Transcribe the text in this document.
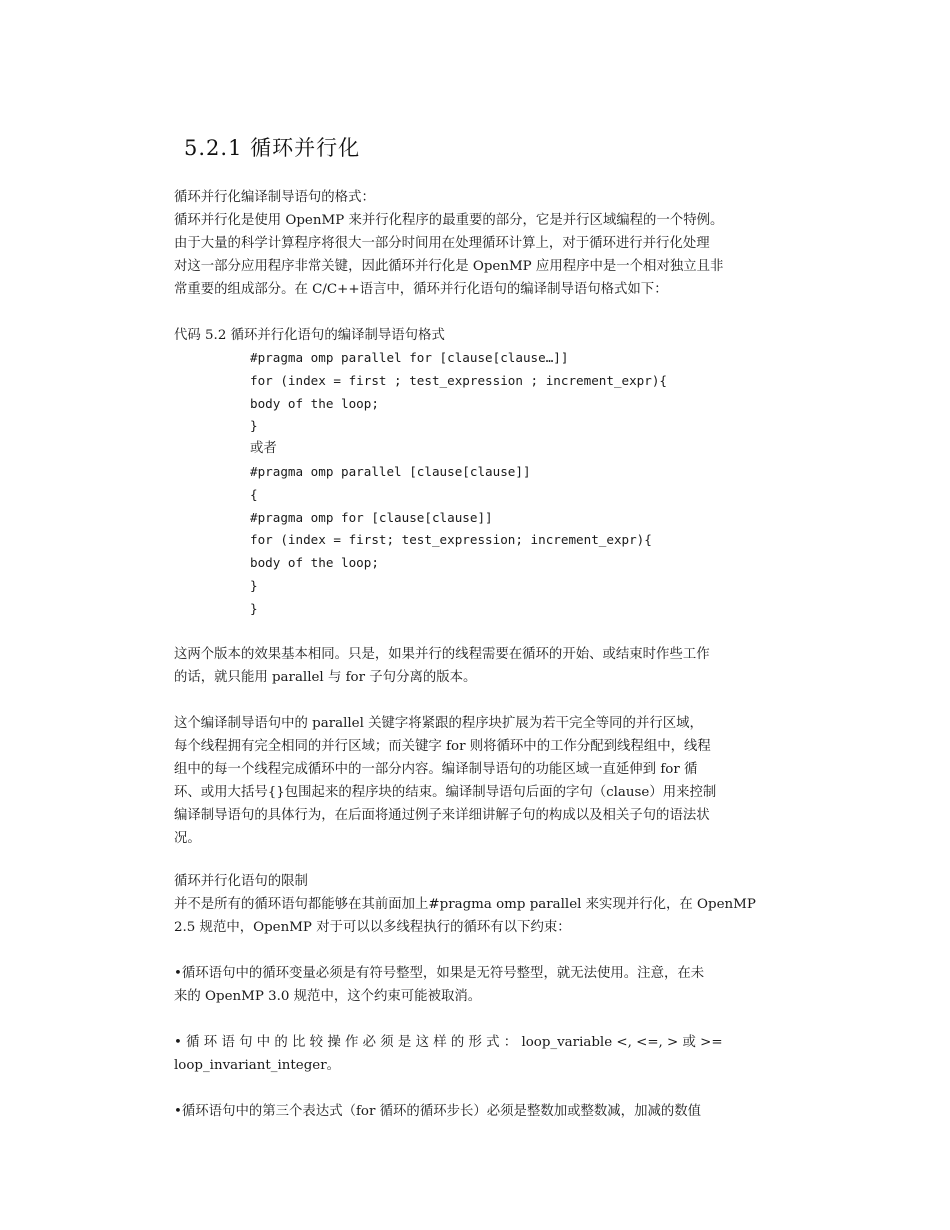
5.2.1 循环并行化
循环并行化编译制导语句的格式：
循环并行化是使用 OpenMP 来并行化程序的最重要的部分，它是并行区域编程的一个特例。
由于大量的科学计算程序将很大一部分时间用在处理循环计算上，对于循环进行并行化处理
对这一部分应用程序非常关键，因此循环并行化是 OpenMP 应用程序中是一个相对独立且非
常重要的组成部分。在 C/C++语言中，循环并行化语句的编译制导语句格式如下：
代码 5.2 循环并行化语句的编译制导语句格式
#pragma omp parallel for [clause[clause…]]
for (index = first ; test_expression ; increment_expr){
body of the loop;
}
或者
#pragma omp parallel [clause[clause]]
{
#pragma omp for [clause[clause]]
for (index = first; test_expression; increment_expr){
body of the loop;
}
}
这两个版本的效果基本相同。只是，如果并行的线程需要在循环的开始、或结束时作些工作
的话，就只能用 parallel 与 for 子句分离的版本。
这个编译制导语句中的 parallel 关键字将紧跟的程序块扩展为若干完全等同的并行区域，
每个线程拥有完全相同的并行区域；而关键字 for 则将循环中的工作分配到线程组中，线程
组中的每一个线程完成循环中的一部分内容。编译制导语句的功能区域一直延伸到 for 循
环、或用大括号{}包围起来的程序块的结束。编译制导语句后面的字句（clause）用来控制
编译制导语句的具体行为，在后面将通过例子来详细讲解子句的构成以及相关子句的语法状
况。
循环并行化语句的限制
并不是所有的循环语句都能够在其前面加上#pragma omp parallel 来实现并行化，在 OpenMP
2.5 规范中，OpenMP 对于可以以多线程执行的循环有以下约束：
•循环语句中的循环变量必须是有符号整型，如果是无符号整型，就无法使用。注意，在未
来的 OpenMP 3.0 规范中，这个约束可能被取消。
• 循 环 语 句 中 的 比 较 操 作 必 须 是 这 样 的 形 式 ： loop_variable <, <=, > 或 >=
loop_invariant_integer。
•循环语句中的第三个表达式（for 循环的循环步长）必须是整数加或整数减，加减的数值
